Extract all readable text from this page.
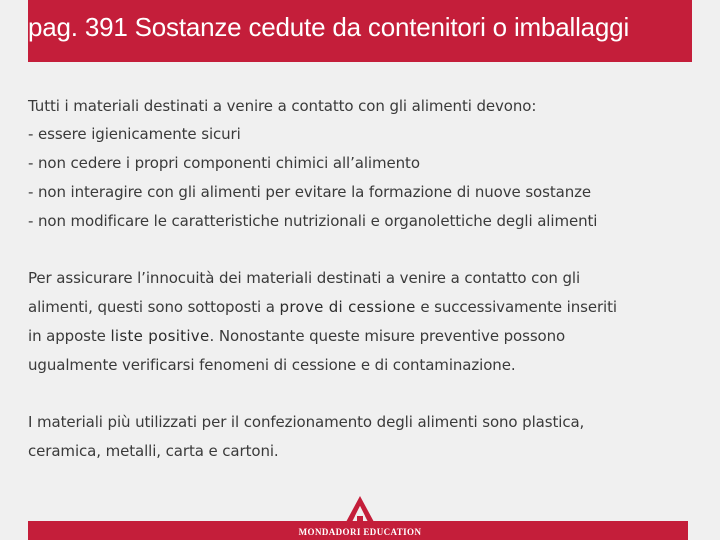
pag. 391 Sostanze cedute da contenitori o imballaggi
Tutti i materiali destinati a venire a contatto con gli alimenti devono:
- essere igienicamente sicuri
- non cedere i propri componenti chimici all’alimento
- non interagire con gli alimenti per evitare la formazione di nuove sostanze
- non modificare le caratteristiche nutrizionali e organolettiche degli alimenti
Per assicurare l’innocuità dei materiali destinati a venire a contatto con gli
alimenti, questi sono sottoposti a prove di cessione e successivamente inseriti
in apposte liste positive. Nonostante queste misure preventive possono
ugualmente verificarsi fenomeni di cessione e di contaminazione.
I materiali più utilizzati per il confezionamento degli alimenti sono plastica,
ceramica, metalli, carta e cartoni.
MONDADORI EDUCATION
